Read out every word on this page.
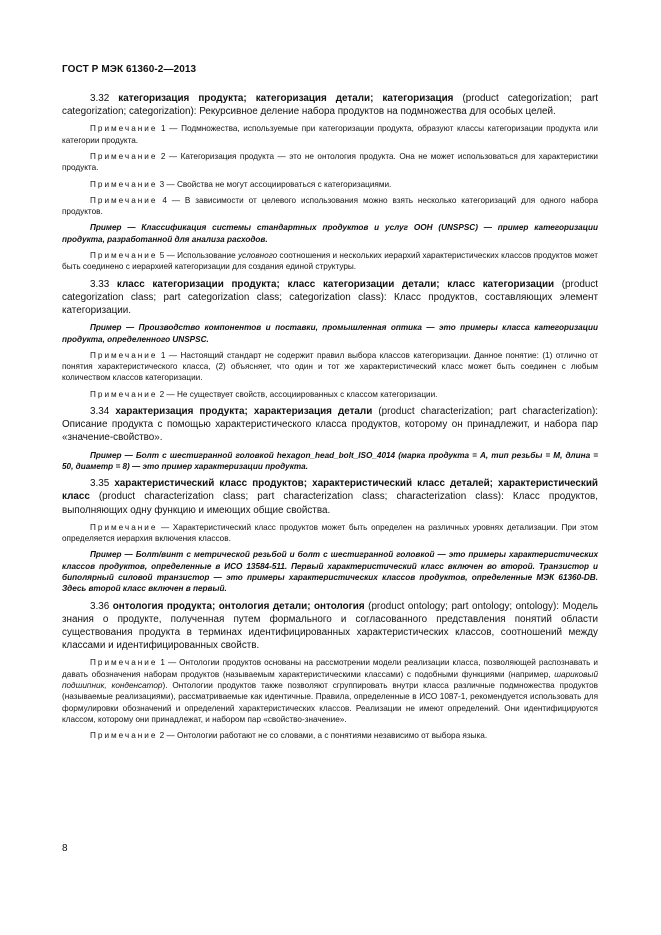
ГОСТ Р МЭК 61360-2—2013
3.32 категоризация продукта; категоризация детали; категоризация (product categorization; part categorization; categorization): Рекурсивное деление набора продуктов на подмножества для особых целей.
Примечание 1 — Подмножества, используемые при категоризации продукта, образуют классы категоризации продукта или категории продукта.
Примечание 2 — Категоризация продукта — это не онтология продукта. Она не может использоваться для характеристики продукта.
Примечание 3 — Свойства не могут ассоциироваться с категоризациями.
Примечание 4 — В зависимости от целевого использования можно взять несколько категоризаций для одного набора продуктов.
Пример — Классификация системы стандартных продуктов и услуг ООН (UNSPSC) — пример категоризации продукта, разработанной для анализа расходов.
Примечание 5 — Использование условного соотношения и нескольких иерархий характеристических классов продуктов может быть соединено с иерархией категоризации для создания единой структуры.
3.33 класс категоризации продукта; класс категоризации детали; класс категоризации (product categorization class; part categorization class; categorization class): Класс продуктов, составляющих элемент категоризации.
Пример — Производство компонентов и поставки, промышленная оптика — это примеры класса категоризации продукта, определенного UNSPSC.
Примечание 1 — Настоящий стандарт не содержит правил выбора классов категоризации. Данное понятие: (1) отлично от понятия характеристического класса, (2) объясняет, что один и тот же характеристический класс может быть соединен с любым количеством классов категоризации.
Примечание 2 — Не существует свойств, ассоциированных с классом категоризации.
3.34 характеризация продукта; характеризация детали (product characterization; part characterization): Описание продукта с помощью характеристического класса продуктов, которому он принадлежит, и набора пар «значение-свойство».
Пример — Болт с шестигранной головкой hexagon_head_bolt_ISO_4014 (марка продукта = A, тип резьбы = M, длина = 50, диаметр = 8) — это пример характеризации продукта.
3.35 характеристический класс продуктов; характеристический класс деталей; характеристический класс (product characterization class; part characterization class; characterization class): Класс продуктов, выполняющих одну функцию и имеющих общие свойства.
Примечание — Характеристический класс продуктов может быть определен на различных уровнях детализации. При этом определяется иерархия включения классов.
Пример — Болт/винт с метрической резьбой и болт с шестигранной головкой — это примеры характеристических классов продуктов, определенные в ИСО 13584-511. Первый характеристический класс включен во второй. Транзистор и биполярный силовой транзистор — это примеры характеристических классов продуктов, определенные МЭК 61360-DB. Здесь второй класс включен в первый.
3.36 онтология продукта; онтология детали; онтология (product ontology; part ontology; ontology): Модель знания о продукте, полученная путем формального и согласованного представления понятий области существования продукта в терминах идентифицированных характеристических классов, соотношений между классами и идентифицированных свойств.
Примечание 1 — Онтологии продуктов основаны на рассмотрении модели реализации класса, позволяющей распознавать и давать обозначения наборам продуктов (называемым характеристическими классами) с подобными функциями (например, шариковый подшипник, конденсатор). Онтологии продуктов также позволяют сгруппировать внутри класса различные подмножества продуктов (называемые реализациями), рассматриваемые как идентичные. Правила, определенные в ИСО 1087-1, рекомендуется использовать для формулировки обозначений и определений характеристических классов. Реализации не имеют определений. Они идентифицируются классом, которому они принадлежат, и набором пар «свойство-значение».
Примечание 2 — Онтологии работают не со словами, а с понятиями независимо от выбора языка.
8
